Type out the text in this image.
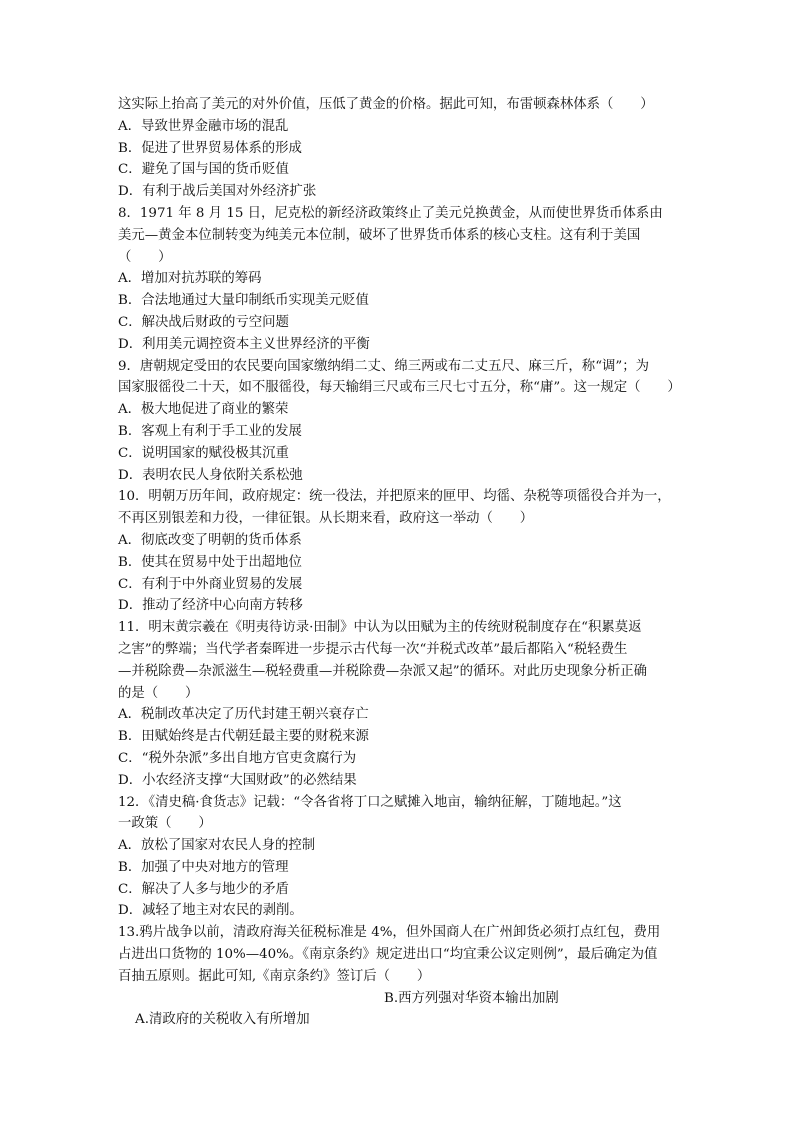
这实际上抬高了美元的对外价值，压低了黄金的价格。据此可知，布雷顿森林体系（　　）
A．导致世界金融市场的混乱
B．促进了世界贸易体系的形成
C．避免了国与国的货币贬值
D．有利于战后美国对外经济扩张
8．1971 年 8 月 15 日，尼克松的新经济政策终止了美元兑换黄金，从而使世界货币体系由
美元—黄金本位制转变为纯美元本位制，破坏了世界货币体系的核心支柱。这有利于美国
（　　）
A．增加对抗苏联的筹码
B．合法地通过大量印制纸币实现美元贬值
C．解决战后财政的亏空问题
D．利用美元调控资本主义世界经济的平衡
9．唐朝规定受田的农民要向国家缴纳绢二丈、绵三两或布二丈五尺、麻三斤，称“调”；为
国家服徭役二十天，如不服徭役，每天输绢三尺或布三尺七寸五分，称“庸”。这一规定（　　）
A．极大地促进了商业的繁荣
B．客观上有利于手工业的发展
C．说明国家的赋役极其沉重
D．表明农民人身依附关系松弛
10．明朝万历年间，政府规定：统一役法，并把原来的匣甲、均徭、杂税等项徭役合并为一，
不再区别银差和力役，一律征银。从长期来看，政府这一举动（　　）
A．彻底改变了明朝的货币体系
B．使其在贸易中处于出超地位
C．有利于中外商业贸易的发展
D．推动了经济中心向南方转移
11．明末黄宗羲在《明夷待访录·田制》中认为以田赋为主的传统财税制度存在“积累莫返
之害”的弊端；当代学者秦晖进一步提示古代每一次“并税式改革”最后都陷入“税轻费生
—并税除费—杂派滋生—税轻费重—并税除费—杂派又起”的循环。对此历史现象分析正确
的是（　　）
A．税制改革决定了历代封建王朝兴衰存亡
B．田赋始终是古代朝廷最主要的财税来源
C．“税外杂派”多出自地方官吏贪腐行为
D．小农经济支撑“大国财政”的必然结果
12．《清史稿·食货志》记载：“令各省将丁口之赋摊入地亩，输纳征解，丁随地起。”这
一政策（　　）
A．放松了国家对农民人身的控制
B．加强了中央对地方的管理
C．解决了人多与地少的矛盾
D．减轻了地主对农民的剥削。
13.鸦片战争以前，清政府海关征税标准是 4%，但外国商人在广州卸货必须打点红包，费用
占进出口货物的 10%—40%。《南京条约》规定进出口“均宜秉公议定则例”，最后确定为值
百抽五原则。据此可知,《南京条约》签订后（　　）

A.清政府的关税收入有所增加

B.西方列强对华资本输出加剧
